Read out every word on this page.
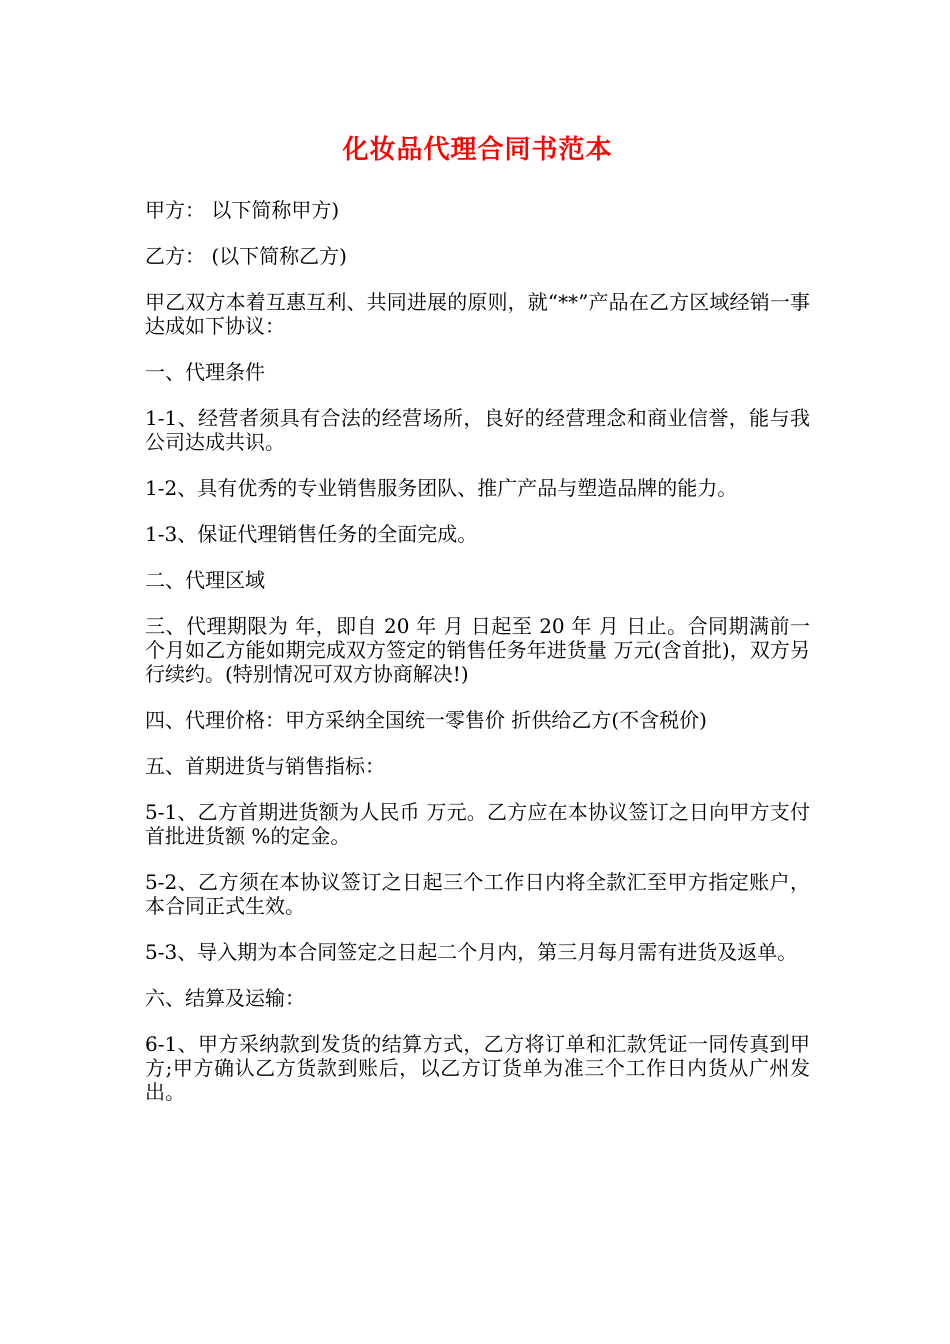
化妆品代理合同书范本

甲方： 以下简称甲方)

乙方： (以下简称乙方)

甲乙双方本着互惠互利、共同进展的原则，就“**”产品在乙方区域经销一事达成如下协议：

一、代理条件

1-1、经营者须具有合法的经营场所，良好的经营理念和商业信誉，能与我公司达成共识。

1-2、具有优秀的专业销售服务团队、推广产品与塑造品牌的能力。

1-3、保证代理销售任务的全面完成。

二、代理区域

三、代理期限为 年，即自 20 年 月 日起至 20 年 月 日止。合同期满前一个月如乙方能如期完成双方签定的销售任务年进货量 万元(含首批)，双方另行续约。(特别情况可双方协商解决!)

四、代理价格：甲方采纳全国统一零售价 折供给乙方(不含税价)

五、首期进货与销售指标：

5-1、乙方首期进货额为人民币 万元。乙方应在本协议签订之日向甲方支付首批进货额 %的定金。

5-2、乙方须在本协议签订之日起三个工作日内将全款汇至甲方指定账户，本合同正式生效。

5-3、导入期为本合同签定之日起二个月内，第三月每月需有进货及返单。

六、结算及运输：

6-1、甲方采纳款到发货的结算方式，乙方将订单和汇款凭证一同传真到甲方;甲方确认乙方货款到账后，以乙方订货单为准三个工作日内货从广州发出。
